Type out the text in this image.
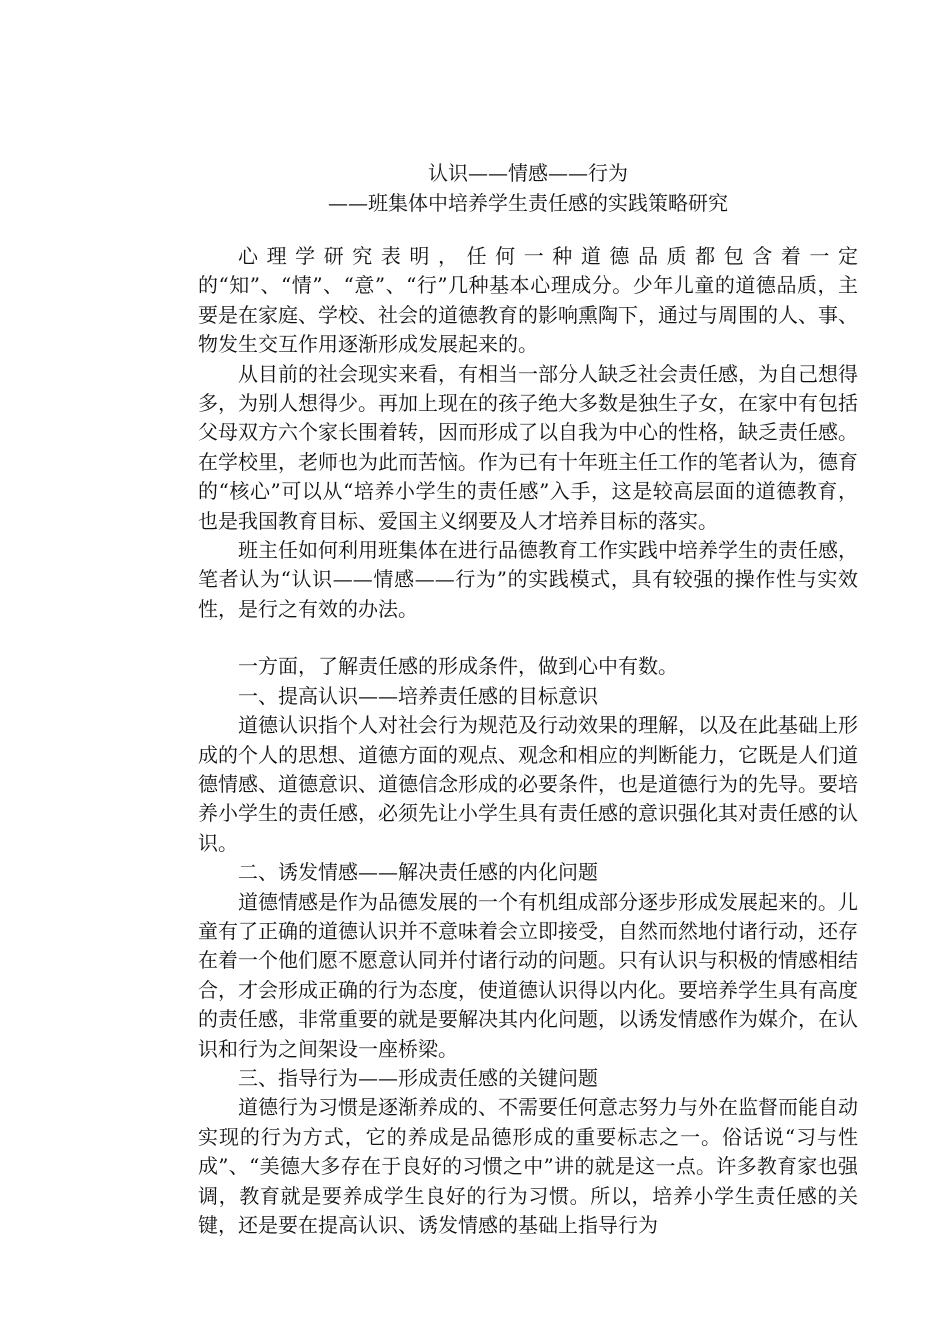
认识——情感——行为
——班集体中培养学生责任感的实践策略研究

心理学研究表明，任何一种道德品质都包含着一定的“知”、“情”、“意”、“行”几种基本心理成分。少年儿童的道德品质，主要是在家庭、学校、社会的道德教育的影响熏陶下，通过与周围的人、事、物发生交互作用逐渐形成发展起来的。

从目前的社会现实来看，有相当一部分人缺乏社会责任感，为自己想得多，为别人想得少。再加上现在的孩子绝大多数是独生子女，在家中有包括父母双方六个家长围着转，因而形成了以自我为中心的性格，缺乏责任感。在学校里，老师也为此而苦恼。作为已有十年班主任工作的笔者认为，德育的“核心”可以从“培养小学生的责任感”入手，这是较高层面的道德教育，也是我国教育目标、爱国主义纲要及人才培养目标的落实。

班主任如何利用班集体在进行品德教育工作实践中培养学生的责任感，笔者认为“认识——情感——行为”的实践模式，具有较强的操作性与实效性，是行之有效的办法。

一方面，了解责任感的形成条件，做到心中有数。

一、提高认识——培养责任感的目标意识

道德认识指个人对社会行为规范及行动效果的理解，以及在此基础上形成的个人的思想、道德方面的观点、观念和相应的判断能力，它既是人们道德情感、道德意识、道德信念形成的必要条件，也是道德行为的先导。要培养小学生的责任感，必须先让小学生具有责任感的意识强化其对责任感的认识。

二、诱发情感——解决责任感的内化问题

道德情感是作为品德发展的一个有机组成部分逐步形成发展起来的。儿童有了正确的道德认识并不意味着会立即接受，自然而然地付诸行动，还存在着一个他们愿不愿意认同并付诸行动的问题。只有认识与积极的情感相结合，才会形成正确的行为态度，使道德认识得以内化。要培养学生具有高度的责任感，非常重要的就是要解决其内化问题，以诱发情感作为媒介，在认识和行为之间架设一座桥梁。

三、指导行为——形成责任感的关键问题

道德行为习惯是逐渐养成的、不需要任何意志努力与外在监督而能自动实现的行为方式，它的养成是品德形成的重要标志之一。俗话说“习与性成”、“美德大多存在于良好的习惯之中”讲的就是这一点。许多教育家也强调，教育就是要养成学生良好的行为习惯。所以，培养小学生责任感的关键，还是要在提高认识、诱发情感的基础上指导行为
